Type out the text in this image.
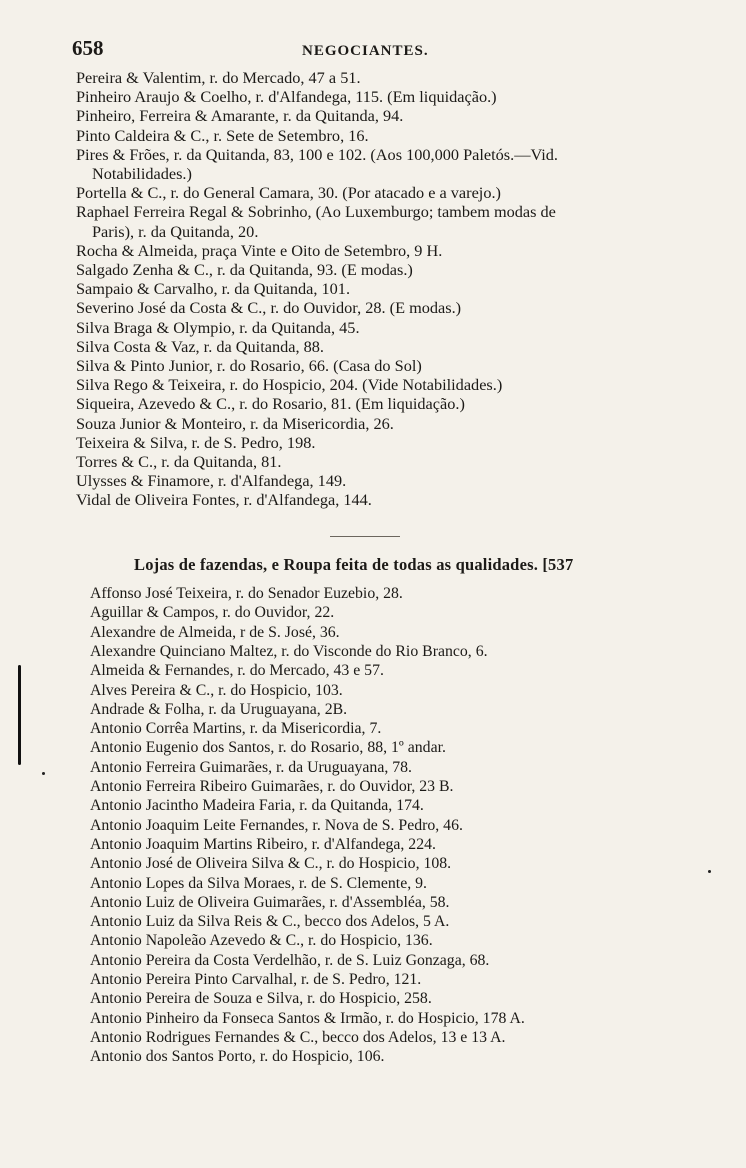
658	NEGOCIANTES.
Pereira & Valentim, r. do Mercado, 47 a 51.
Pinheiro Araujo & Coelho, r. d'Alfandega, 115. (Em liquidação.)
Pinheiro, Ferreira & Amarante, r. da Quitanda, 94.
Pinto Caldeira & C., r. Sete de Setembro, 16.
Pires & Frões, r. da Quitanda, 83, 100 e 102. (Aos 100,000 Paletós.—Vid.
Notabilidades.)
Portella & C., r. do General Camara, 30. (Por atacado e a varejo.)
Raphael Ferreira Regal & Sobrinho, (Ao Luxemburgo; tambem modas de
Paris), r. da Quitanda, 20.
Rocha & Almeida, praça Vinte e Oito de Setembro, 9 H.
Salgado Zenha & C., r. da Quitanda, 93. (E modas.)
Sampaio & Carvalho, r. da Quitanda, 101.
Severino José da Costa & C., r. do Ouvidor, 28. (E modas.)
Silva Braga & Olympio, r. da Quitanda, 45.
Silva Costa & Vaz, r. da Quitanda, 88.
Silva & Pinto Junior, r. do Rosario, 66. (Casa do Sol)
Silva Rego & Teixeira, r. do Hospicio, 204. (Vide Notabilidades.)
Siqueira, Azevedo & C., r. do Rosario, 81. (Em liquidação.)
Souza Junior & Monteiro, r. da Misericordia, 26.
Teixeira & Silva, r. de S. Pedro, 198.
Torres & C., r. da Quitanda, 81.
Ulysses & Finamore, r. d'Alfandega, 149.
Vidal de Oliveira Fontes, r. d'Alfandega, 144.
Lojas de fazendas, e Roupa feita de todas as qualidades. [537
Affonso José Teixeira, r. do Senador Euzebio, 28.
Aguillar & Campos, r. do Ouvidor, 22.
Alexandre de Almeida, r de S. José, 36.
Alexandre Quinciano Maltez, r. do Visconde do Rio Branco, 6.
Almeida & Fernandes, r. do Mercado, 43 e 57.
Alves Pereira & C., r. do Hospicio, 103.
Andrade & Folha, r. da Uruguayana, 2B.
Antonio Corrêa Martins, r. da Misericordia, 7.
Antonio Eugenio dos Santos, r. do Rosario, 88, 1º andar.
Antonio Ferreira Guimarães, r. da Uruguayana, 78.
Antonio Ferreira Ribeiro Guimarães, r. do Ouvidor, 23 B.
Antonio Jacintho Madeira Faria, r. da Quitanda, 174.
Antonio Joaquim Leite Fernandes, r. Nova de S. Pedro, 46.
Antonio Joaquim Martins Ribeiro, r. d'Alfandega, 224.
Antonio José de Oliveira Silva & C., r. do Hospicio, 108.
Antonio Lopes da Silva Moraes, r. de S. Clemente, 9.
Antonio Luiz de Oliveira Guimarães, r. d'Assembléa, 58.
Antonio Luiz da Silva Reis & C., becco dos Adelos, 5 A.
Antonio Napoleão Azevedo & C., r. do Hospicio, 136.
Antonio Pereira da Costa Verdelhão, r. de S. Luiz Gonzaga, 68.
Antonio Pereira Pinto Carvalhal, r. de S. Pedro, 121.
Antonio Pereira de Souza e Silva, r. do Hospicio, 258.
Antonio Pinheiro da Fonseca Santos & Irmão, r. do Hospicio, 178 A.
Antonio Rodrigues Fernandes & C., becco dos Adelos, 13 e 13 A.
Antonio dos Santos Porto, r. do Hospicio, 106.
